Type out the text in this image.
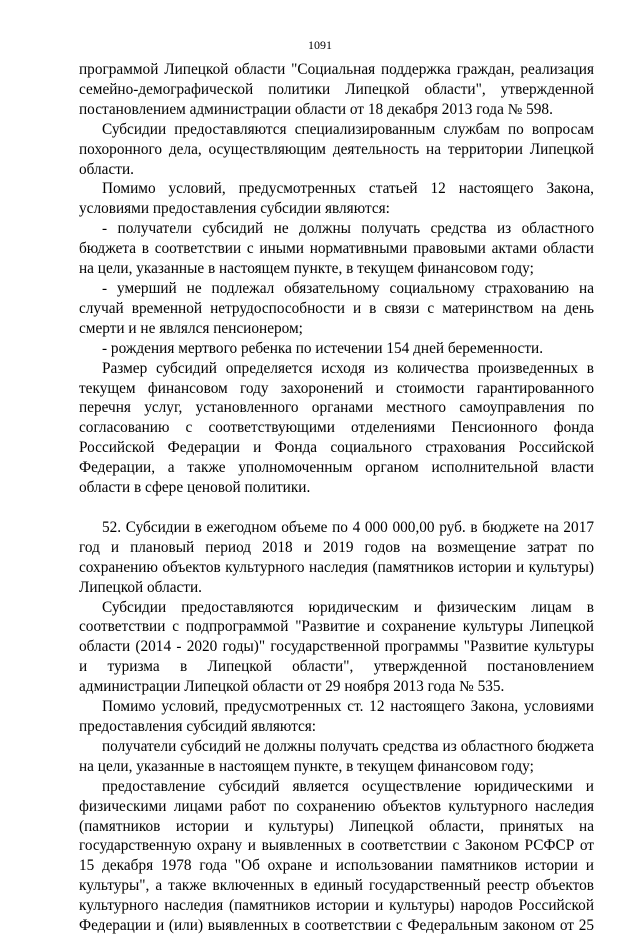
1091

программой Липецкой области "Социальная поддержка граждан, реализация семейно-демографической политики Липецкой области", утвержденной постановлением администрации области от 18 декабря 2013 года № 598.

Субсидии предоставляются специализированным службам по вопросам похоронного дела, осуществляющим деятельность на территории Липецкой области.

Помимо условий, предусмотренных статьей 12 настоящего Закона, условиями предоставления субсидии являются:

- получатели субсидий не должны получать средства из областного бюджета в соответствии с иными нормативными правовыми актами области на цели, указанные в настоящем пункте, в текущем финансовом году;

- умерший не подлежал обязательному социальному страхованию на случай временной нетрудоспособности и в связи с материнством на день смерти и не являлся пенсионером;

- рождения мертвого ребенка по истечении 154 дней беременности.

Размер субсидий определяется исходя из количества произведенных в текущем финансовом году захоронений и стоимости гарантированного перечня услуг, установленного органами местного самоуправления по согласованию с соответствующими отделениями Пенсионного фонда Российской Федерации и Фонда социального страхования Российской Федерации, а также уполномоченным органом исполнительной власти области в сфере ценовой политики.

52. Субсидии в ежегодном объеме по 4 000 000,00 руб. в бюджете на 2017 год и плановый период 2018 и 2019 годов на возмещение затрат по сохранению объектов культурного наследия (памятников истории и культуры) Липецкой области.

Субсидии предоставляются юридическим и физическим лицам в соответствии с подпрограммой "Развитие и сохранение культуры Липецкой области (2014 - 2020 годы)" государственной программы "Развитие культуры и туризма в Липецкой области", утвержденной постановлением администрации Липецкой области от 29 ноября 2013 года № 535.

Помимо условий, предусмотренных ст. 12 настоящего Закона, условиями предоставления субсидий являются:

получатели субсидий не должны получать средства из областного бюджета на цели, указанные в настоящем пункте, в текущем финансовом году;

предоставление субсидий является осуществление юридическими и физическими лицами работ по сохранению объектов культурного наследия (памятников истории и культуры) Липецкой области, принятых на государственную охрану и выявленных в соответствии с Законом РСФСР от 15 декабря 1978 года "Об охране и использовании памятников истории и культуры", а также включенных в единый государственный реестр объектов культурного наследия (памятников истории и культуры) народов Российской Федерации и (или) выявленных в соответствии с Федеральным законом от 25
